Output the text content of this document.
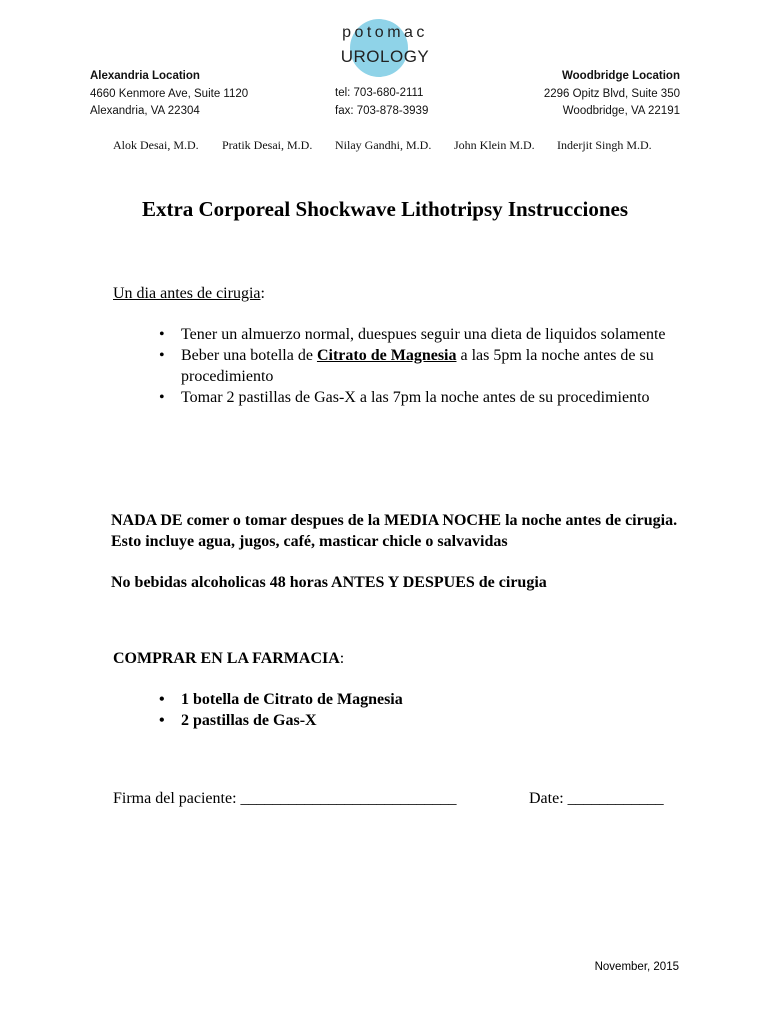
potomac
UROLOGY
Alexandria Location
4660 Kenmore Ave, Suite 1120
Alexandria, VA 22304
tel: 703-680-2111
fax: 703-878-3939
Woodbridge Location
2296 Opitz Blvd, Suite 350
Woodbridge, VA 22191
Alok Desai, M.D. Pratik Desai, M.D. Nilay Gandhi, M.D. John Klein M.D. Inderjit Singh M.D.
Extra Corporeal Shockwave Lithotripsy Instrucciones
Un dia antes de cirugia:
• Tener un almuerzo normal, duespues seguir una dieta de liquidos solamente
• Beber una botella de Citrato de Magnesia a las 5pm la noche antes de su procedimiento
• Tomar 2 pastillas de Gas-X a las 7pm la noche antes de su procedimiento
NADA DE comer o tomar despues de la MEDIA NOCHE la noche antes de cirugia. Esto incluye agua, jugos, café, masticar chicle o salvavidas
No bebidas alcoholicas 48 horas ANTES Y DESPUES de cirugia
COMPRAR EN LA FARMACIA:
• 1 botella de Citrato de Magnesia
• 2 pastillas de Gas-X
Firma del paciente: ___________________________	Date: ____________
November, 2015
